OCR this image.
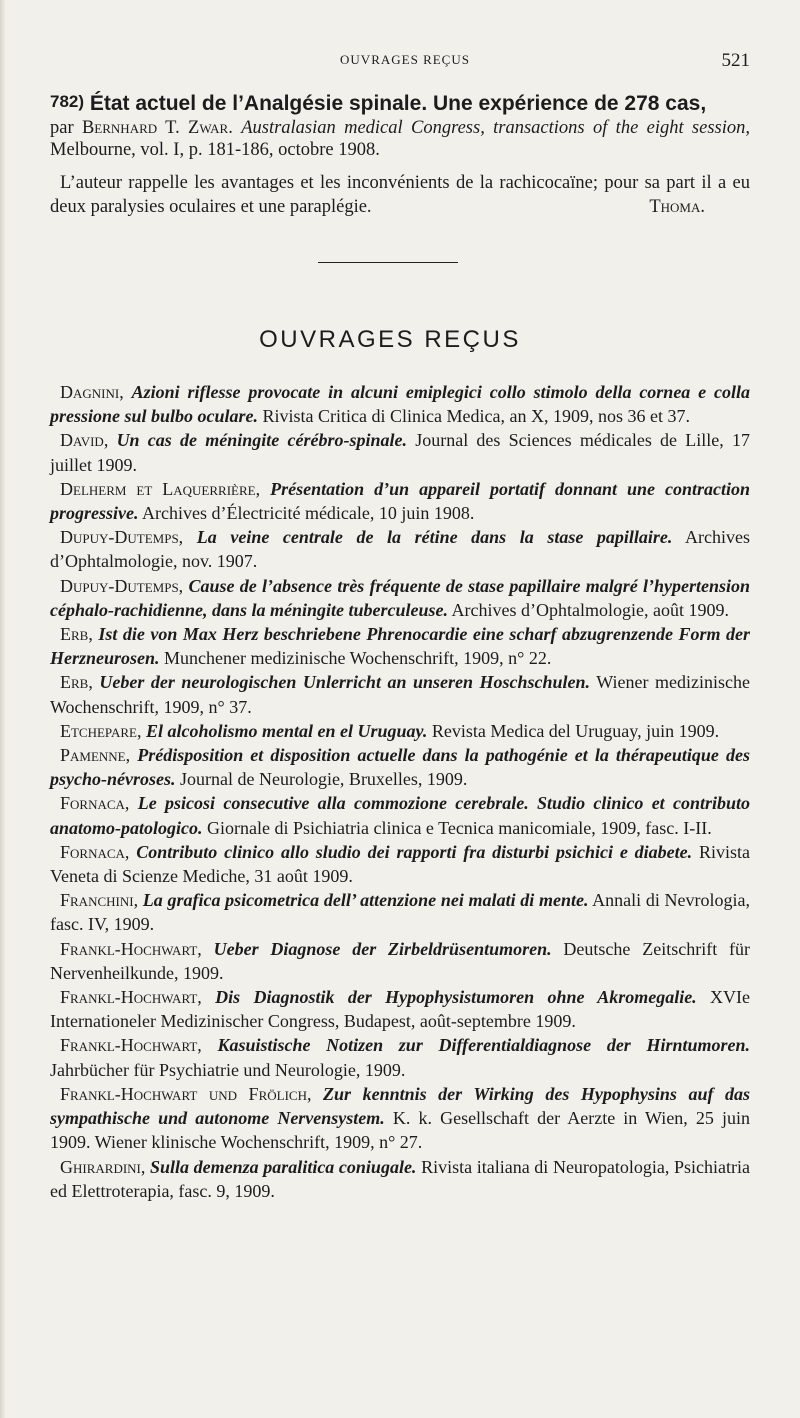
OUVRAGES REÇUS	521
782) État actuel de l’Analgésie spinale. Une expérience de 278 cas,
par Bernhard T. Zwar. Australasian medical Congress, transactions of the eight session, Melbourne, vol. I, p. 181-186, octobre 1908.
L’auteur rappelle les avantages et les inconvénients de la rachicocaïne; pour sa part il a eu deux paralysies oculaires et une paraplégie.	Thoma.
OUVRAGES REÇUS
Dagnini, Azioni riflesse provocate in alcuni emiplegici collo stimolo della cornea e colla pressione sul bulbo oculare. Rivista Critica di Clinica Medica, an X, 1909, nos 36 et 37.
David, Un cas de méningite cérébro-spinale. Journal des Sciences médicales de Lille, 17 juillet 1909.
Delherm et Laquerrière, Présentation d’un appareil portatif donnant une contraction progressive. Archives d’Électricité médicale, 10 juin 1908.
Dupuy-Dutemps, La veine centrale de la rétine dans la stase papillaire. Archives d’Ophtalmologie, nov. 1907.
Dupuy-Dutemps, Cause de l’absence très fréquente de stase papillaire malgré l’hypertension céphalo-rachidienne, dans la méningite tuberculeuse. Archives d’Ophtalmologie, août 1909.
Erb, Ist die von Max Herz beschriebene Phrenocardie eine scharf abzugrenzende Form der Herzneurosen. Munchener medizinische Wochenschrift, 1909, n° 22.
Erb, Ueber der neurologischen Unlerricht an unseren Hoschschulen. Wiener medizinische Wochenschrift, 1909, n° 37.
Etchepare, El alcoholismo mental en el Uruguay. Revista Medica del Uruguay, juin 1909.
Pamenne, Prédisposition et disposition actuelle dans la pathogénie et la thérapeutique des psycho-névroses. Journal de Neurologie, Bruxelles, 1909.
Fornaca, Le psicosi consecutive alla commozione cerebrale. Studio clinico et contributo anatomo-patologico. Giornale di Psichiatria clinica e Tecnica manicomiale, 1909, fasc. I-II.
Fornaca, Contributo clinico allo sludio dei rapporti fra disturbi psichici e diabete. Rivista Veneta di Scienze Mediche, 31 août 1909.
Franchini, La grafica psicometrica dell’ attenzione nei malati di mente. Annali di Nevrologia, fasc. IV, 1909.
Frankl-Hochwart, Ueber Diagnose der Zirbeldrüsentumoren. Deutsche Zeitschrift für Nervenheilkunde, 1909.
Frankl-Hochwart, Dis Diagnostik der Hypophysistumoren ohne Akromegalie. XVIe Internationeler Medizinischer Congress, Budapest, août-septembre 1909.
Frankl-Hochwart, Kasuistische Notizen zur Differentialdiagnose der Hirntumoren. Jahrbücher für Psychiatrie und Neurologie, 1909.
Frankl-Hochwart und Frölich, Zur kenntnis der Wirking des Hypophysins auf das sympathische und autonome Nervensystem. K. k. Gesellschaft der Aerzte in Wien, 25 juin 1909. Wiener klinische Wochenschrift, 1909, n° 27.
Ghirardini, Sulla demenza paralitica coniugale. Rivista italiana di Neuropatologia, Psichiatria ed Elettroterapia, fasc. 9, 1909.
